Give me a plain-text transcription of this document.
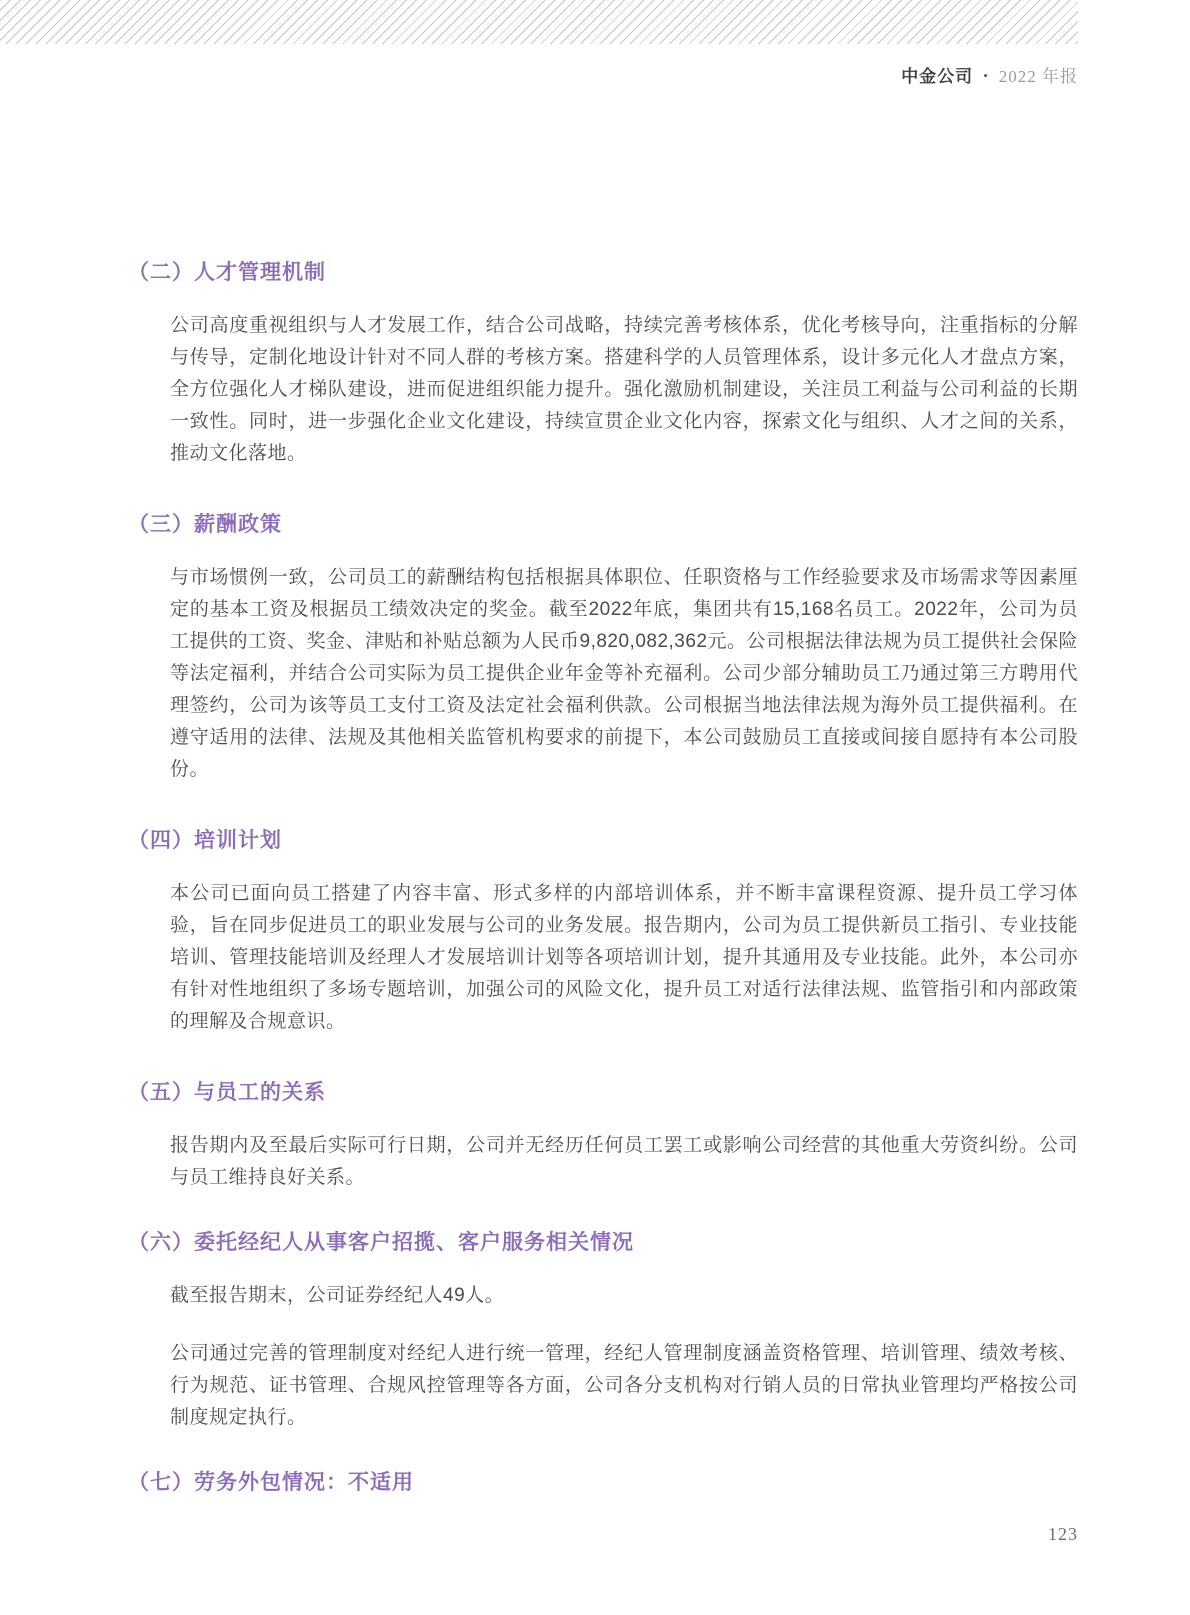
中金公司 • 2022 年报
（二）人才管理机制

公司高度重视组织与人才发展工作，结合公司战略，持续完善考核体系，优化考核导向，注重指标的分解与传导，定制化地设计针对不同人群的考核方案。搭建科学的人员管理体系，设计多元化人才盘点方案，全方位强化人才梯队建设，进而促进组织能力提升。强化激励机制建设，关注员工利益与公司利益的长期一致性。同时，进一步强化企业文化建设，持续宣贯企业文化内容，探索文化与组织、人才之间的关系，推动文化落地。

（三）薪酬政策

与市场惯例一致，公司员工的薪酬结构包括根据具体职位、任职资格与工作经验要求及市场需求等因素厘定的基本工资及根据员工绩效决定的奖金。截至2022年底，集团共有15,168名员工。2022年，公司为员工提供的工资、奖金、津贴和补贴总额为人民币9,820,082,362元。公司根据法律法规为员工提供社会保险等法定福利，并结合公司实际为员工提供企业年金等补充福利。公司少部分辅助员工乃通过第三方聘用代理签约，公司为该等员工支付工资及法定社会福利供款。公司根据当地法律法规为海外员工提供福利。在遵守适用的法律、法规及其他相关监管机构要求的前提下，本公司鼓励员工直接或间接自愿持有本公司股份。

（四）培训计划

本公司已面向员工搭建了内容丰富、形式多样的内部培训体系，并不断丰富课程资源、提升员工学习体验，旨在同步促进员工的职业发展与公司的业务发展。报告期内，公司为员工提供新员工指引、专业技能培训、管理技能培训及经理人才发展培训计划等各项培训计划，提升其通用及专业技能。此外，本公司亦有针对性地组织了多场专题培训，加强公司的风险文化，提升员工对适行法律法规、监管指引和内部政策的理解及合规意识。

（五）与员工的关系

报告期内及至最后实际可行日期，公司并无经历任何员工罢工或影响公司经营的其他重大劳资纠纷。公司与员工维持良好关系。

（六）委托经纪人从事客户招揽、客户服务相关情况

截至报告期末，公司证券经纪人49人。

公司通过完善的管理制度对经纪人进行统一管理，经纪人管理制度涵盖资格管理、培训管理、绩效考核、行为规范、证书管理、合规风控管理等各方面，公司各分支机构对行销人员的日常执业管理均严格按公司制度规定执行。

（七）劳务外包情况：不适用
123
